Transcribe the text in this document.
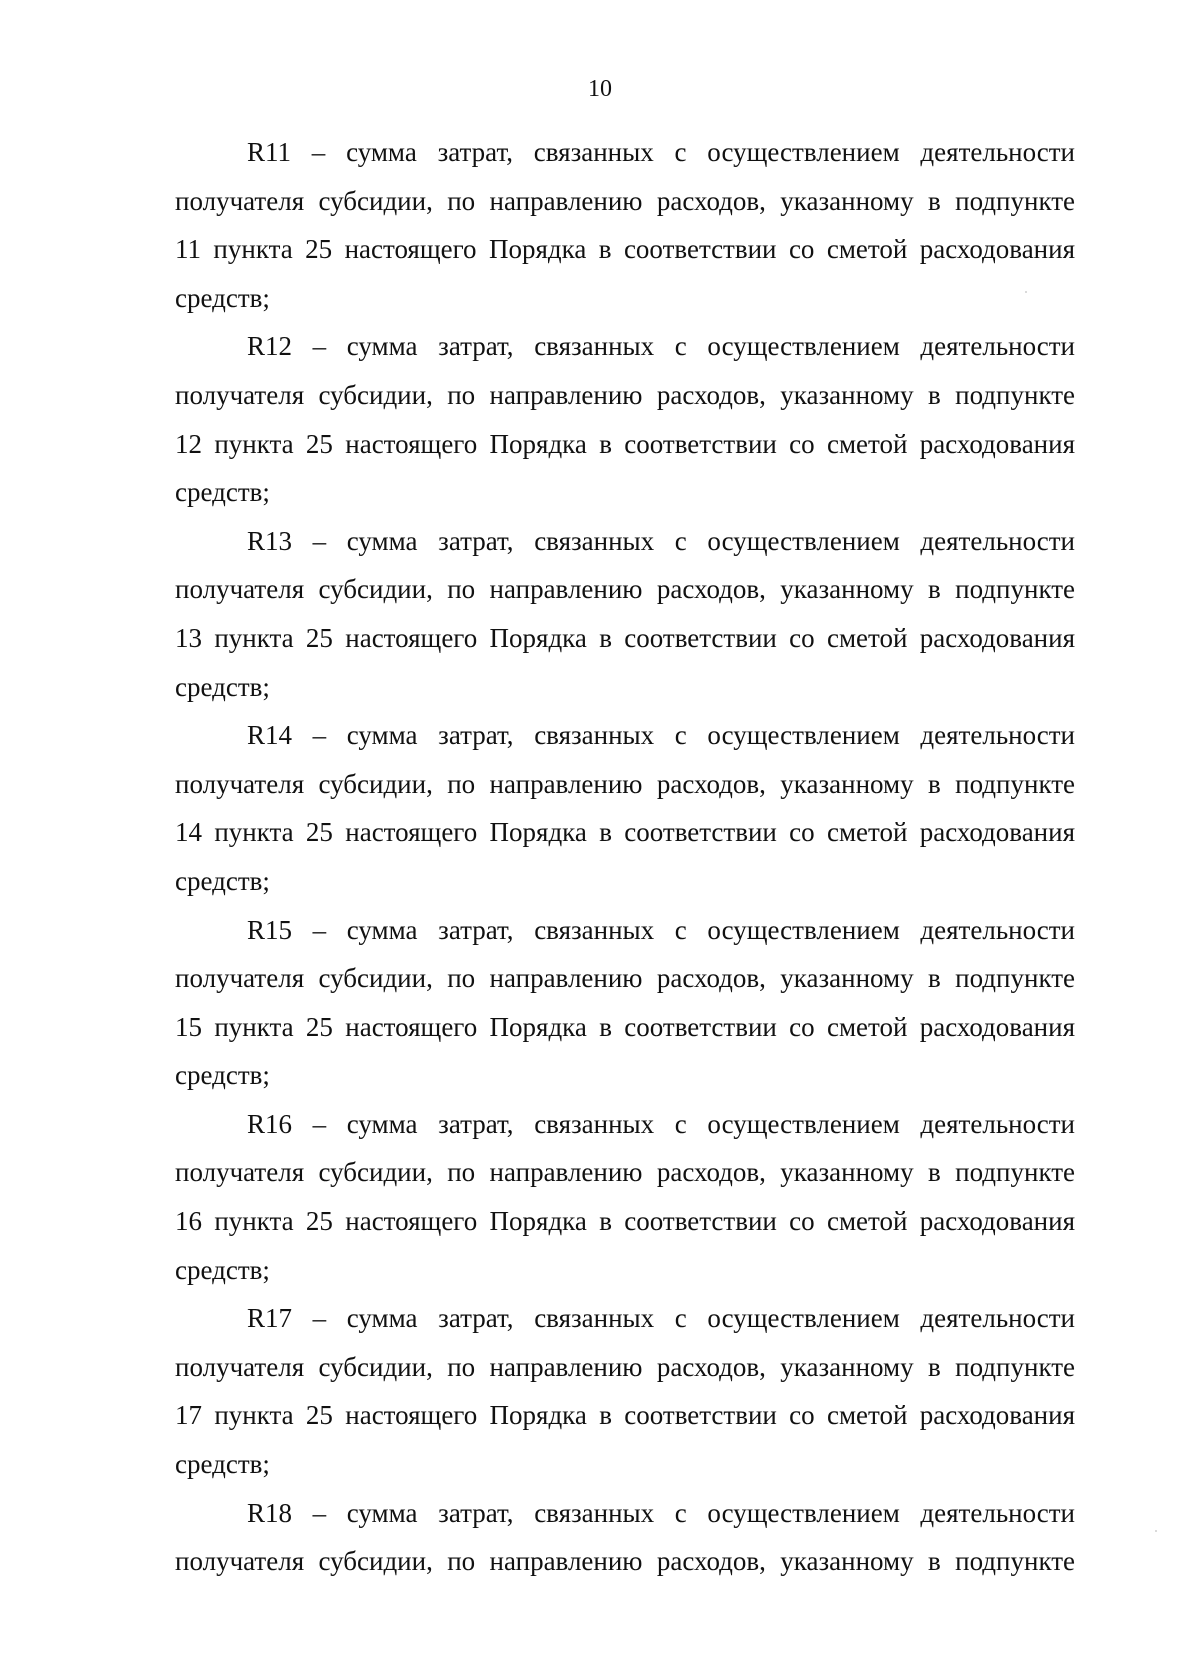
10
R11 – сумма затрат, связанных с осуществлением деятельности
получателя субсидии, по направлению расходов, указанному в подпункте
11 пункта 25 настоящего Порядка в соответствии со сметой расходования
средств;
R12 – сумма затрат, связанных с осуществлением деятельности
получателя субсидии, по направлению расходов, указанному в подпункте
12 пункта 25 настоящего Порядка в соответствии со сметой расходования
средств;
R13 – сумма затрат, связанных с осуществлением деятельности
получателя субсидии, по направлению расходов, указанному в подпункте
13 пункта 25 настоящего Порядка в соответствии со сметой расходования
средств;
R14 – сумма затрат, связанных с осуществлением деятельности
получателя субсидии, по направлению расходов, указанному в подпункте
14 пункта 25 настоящего Порядка в соответствии со сметой расходования
средств;
R15 – сумма затрат, связанных с осуществлением деятельности
получателя субсидии, по направлению расходов, указанному в подпункте
15 пункта 25 настоящего Порядка в соответствии со сметой расходования
средств;
R16 – сумма затрат, связанных с осуществлением деятельности
получателя субсидии, по направлению расходов, указанному в подпункте
16 пункта 25 настоящего Порядка в соответствии со сметой расходования
средств;
R17 – сумма затрат, связанных с осуществлением деятельности
получателя субсидии, по направлению расходов, указанному в подпункте
17 пункта 25 настоящего Порядка в соответствии со сметой расходования
средств;
R18 – сумма затрат, связанных с осуществлением деятельности
получателя субсидии, по направлению расходов, указанному в подпункте
